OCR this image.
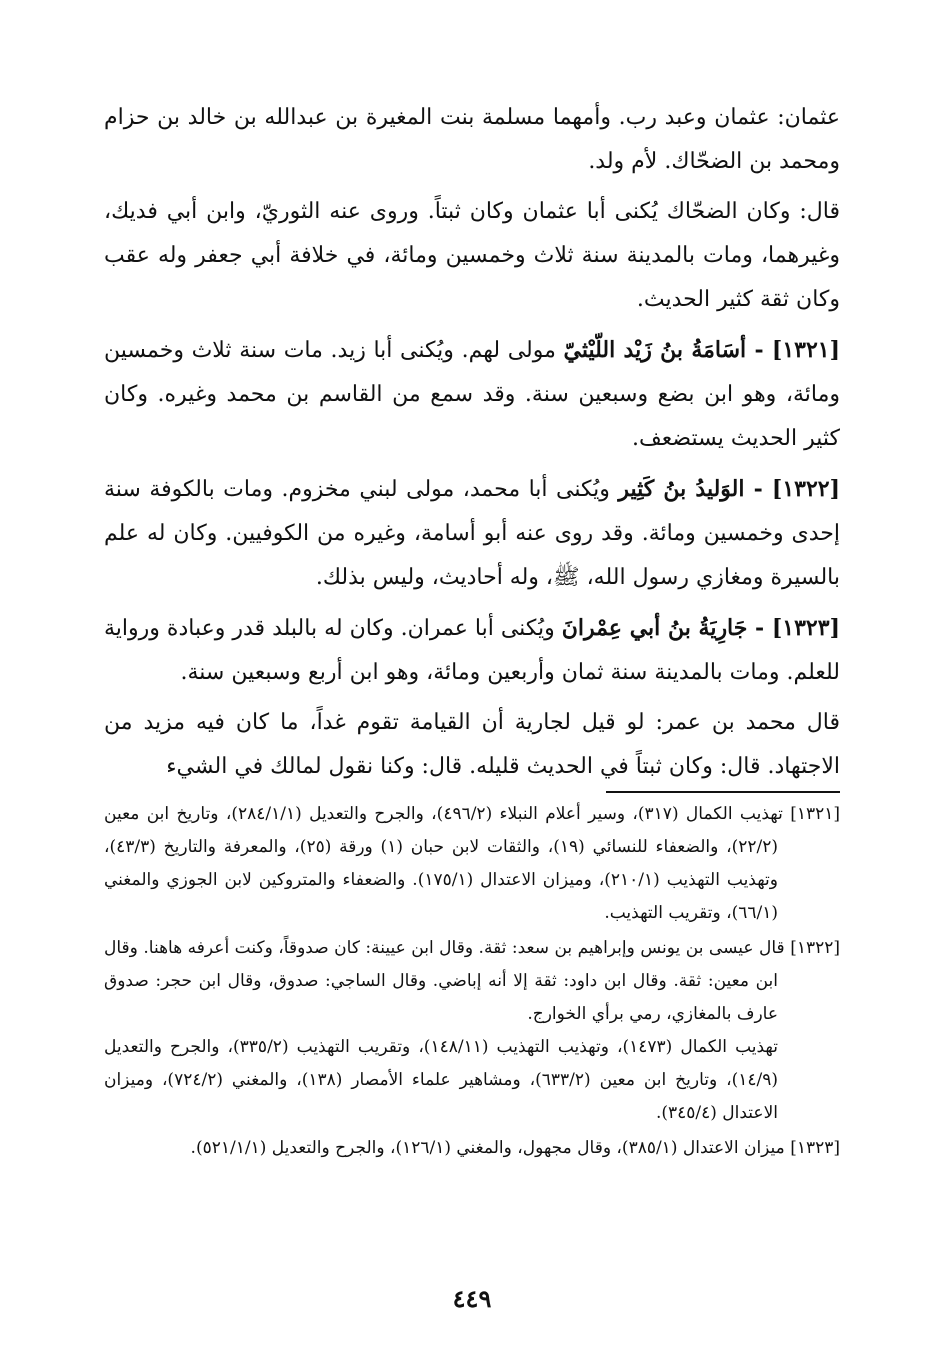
عثمان: عثمان وعبد رب. وأمهما مسلمة بنت المغيرة بن عبدالله بن خالد بن حزام ومحمد بن الضحّاك. لأم ولد.

قال: وكان الضحّاك يُكنى أبا عثمان وكان ثبتاً. وروى عنه الثوريّ، وابن أبي فديك، وغيرهما، ومات بالمدينة سنة ثلاث وخمسين ومائة، في خلافة أبي جعفر وله عقب وكان ثقة كثير الحديث.

[١٣٢١] - أسَامَةُ بنُ زَيْد اللّيْثيّ مولى لهم. ويُكنى أبا زيد. مات سنة ثلاث وخمسين ومائة، وهو ابن بضع وسبعين سنة. وقد سمع من القاسم بن محمد وغيره. وكان كثير الحديث يستضعف.

[١٣٢٢] - الوَليدُ بنُ كَثِير ويُكنى أبا محمد، مولى لبني مخزوم. ومات بالكوفة سنة إحدى وخمسين ومائة. وقد روى عنه أبو أسامة، وغيره من الكوفيين. وكان له علم بالسيرة ومغازي رسول الله، ﷺ، وله أحاديث، وليس بذلك.

[١٣٢٣] - جَارِيَةُ بنُ أبي عِمْرانَ ويُكنى أبا عمران. وكان له بالبلد قدر وعبادة ورواية للعلم. ومات بالمدينة سنة ثمان وأربعين ومائة، وهو ابن أربع وسبعين سنة.

قال محمد بن عمر: لو قيل لجارية أن القيامة تقوم غداً، ما كان فيه مزيد من الاجتهاد. قال: وكان ثبتاً في الحديث قليله. قال: وكنا نقول لمالك في الشيء

[١٣٢١] تهذيب الكمال (٣١٧)، وسير أعلام النبلاء (٤٩٦/٢)، والجرح والتعديل (٢٨٤/١/١)، وتاريخ ابن معين (٢٢/٢)، والضعفاء للنسائي (١٩)، والثقات لابن حبان (١) ورقة (٢٥)، والمعرفة والتاريخ (٤٣/٣)، وتهذيب التهذيب (٢١٠/١)، وميزان الاعتدال (١٧٥/١). والضعفاء والمتروكين لابن الجوزي والمغني (٦٦/١)، وتقريب التهذيب.

[١٣٢٢] قال عيسى بن يونس وإبراهيم بن سعد: ثقة. وقال ابن عيينة: كان صدوقاً، وكنت أعرفه هاهنا. وقال ابن معين: ثقة. وقال ابن داود: ثقة إلا أنه إباضي. وقال الساجي: صدوق، وقال ابن حجر: صدوق عارف بالمغازي، رمي برأي الخوارج.
تهذيب الكمال (١٤٧٣)، وتهذيب التهذيب (١٤٨/١١)، وتقريب التهذيب (٣٣٥/٢)، والجرح والتعديل (١٤/٩)، وتاريخ ابن معين (٦٣٣/٢)، ومشاهير علماء الأمصار (١٣٨)، والمغني (٧٢٤/٢)، وميزان الاعتدال (٣٤٥/٤).

[١٣٢٣] ميزان الاعتدال (٣٨٥/١)، وقال مجهول، والمغني (١٢٦/١)، والجرح والتعديل (٥٢١/١/١).

٤٤٩
